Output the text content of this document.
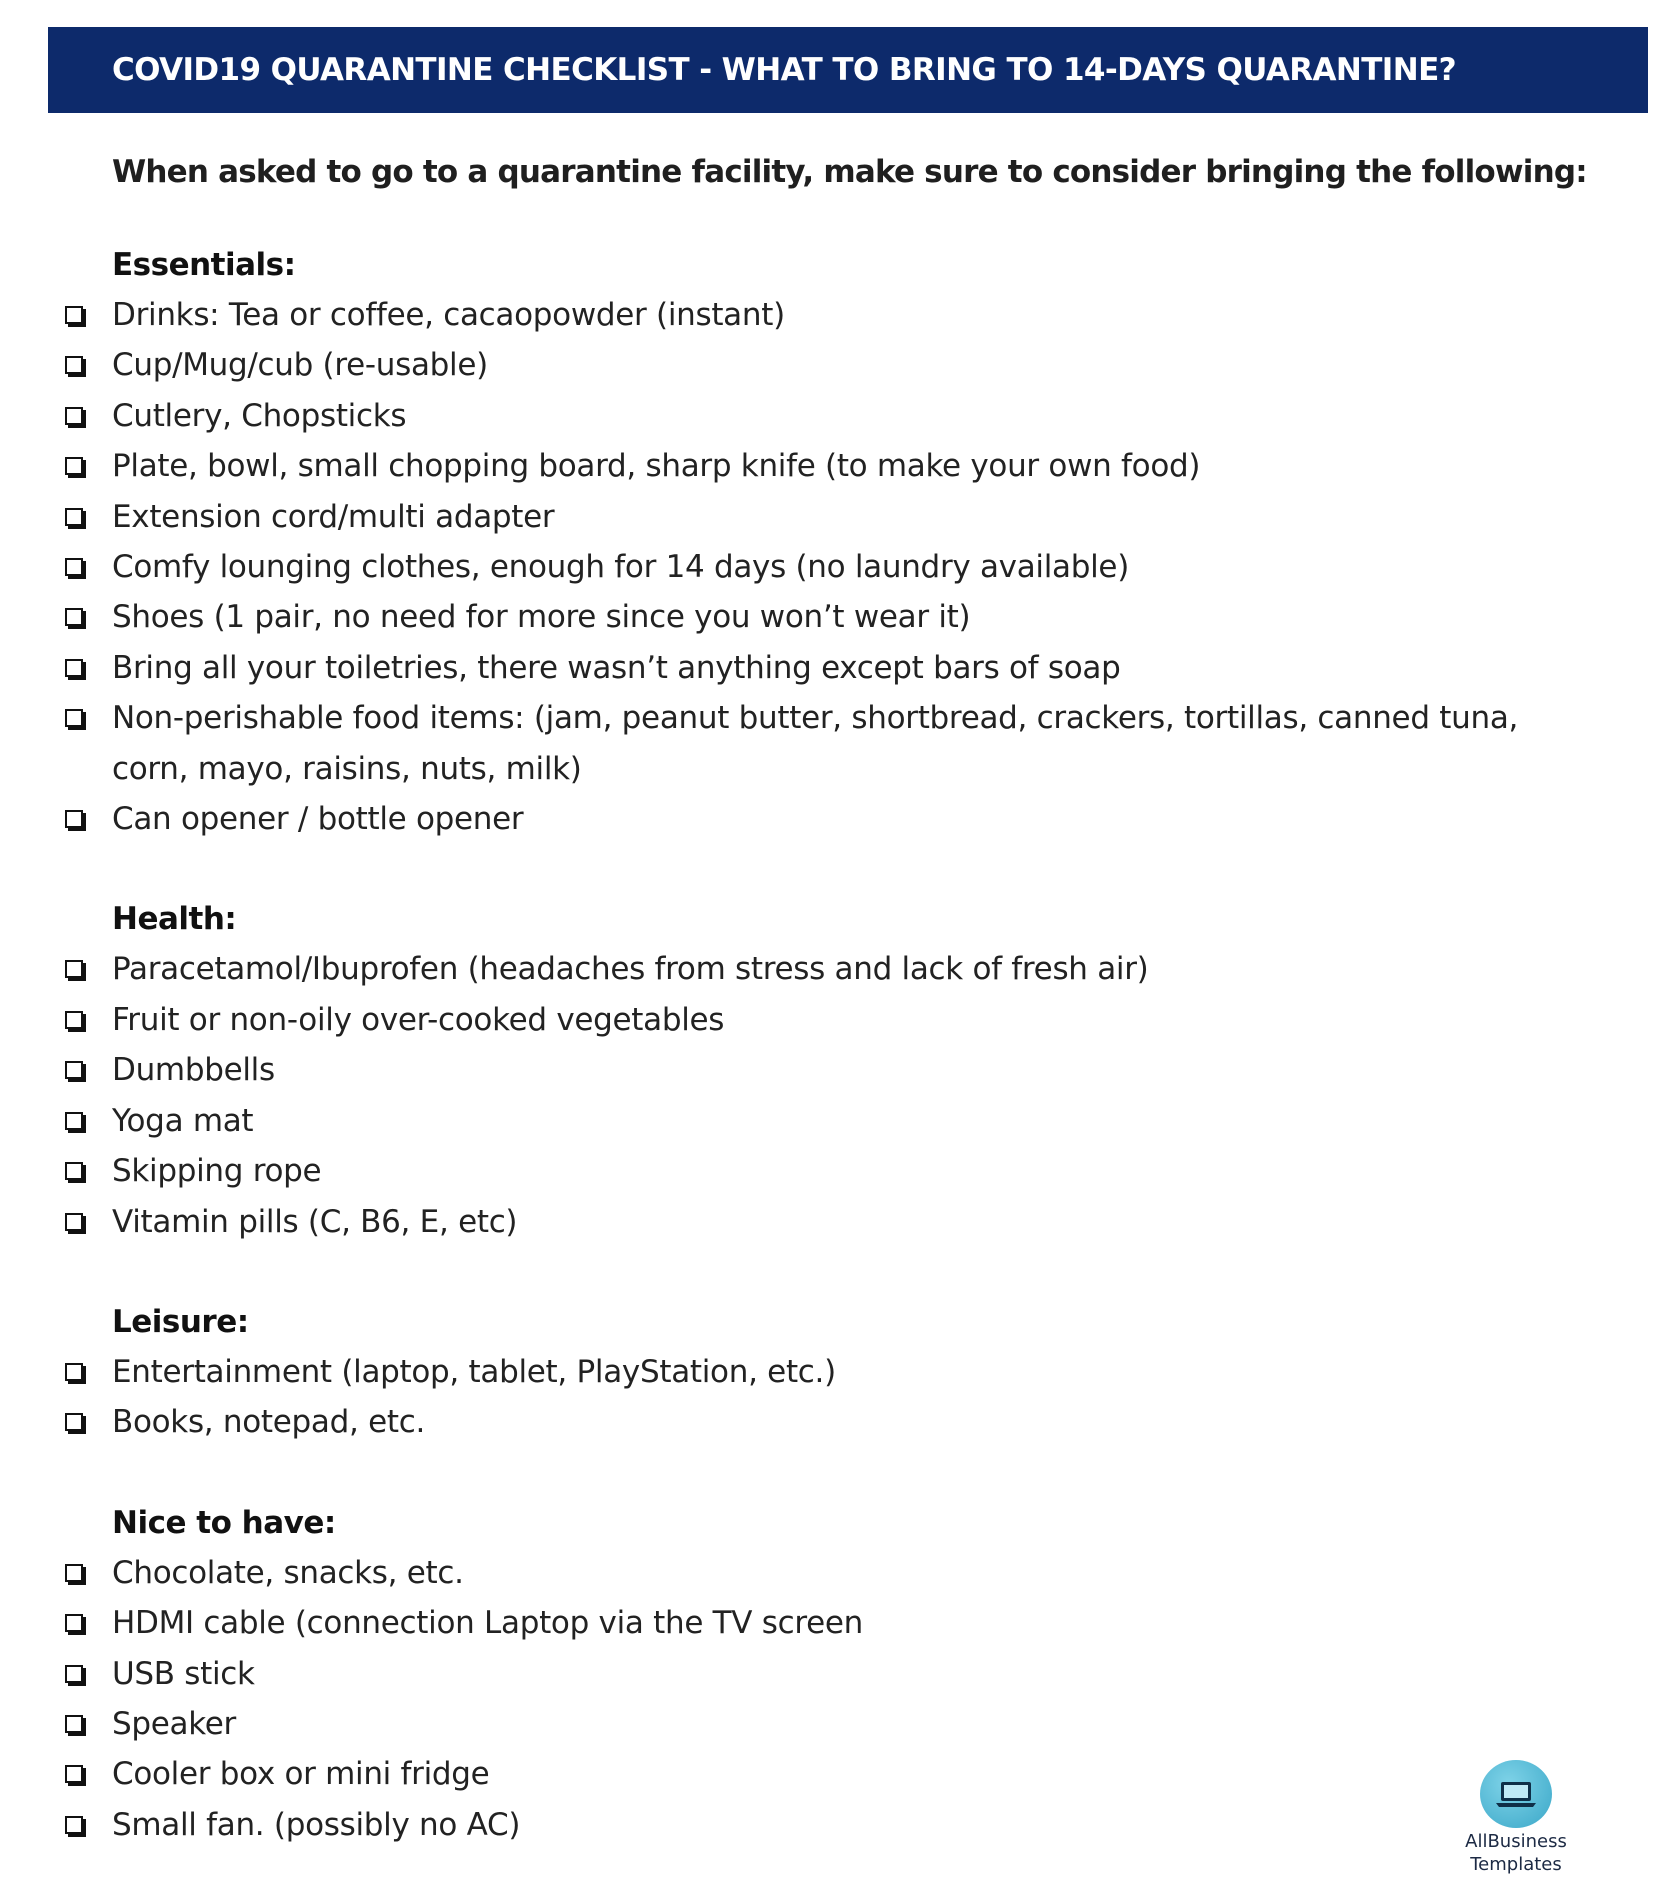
COVID19 QUARANTINE CHECKLIST - WHAT TO BRING TO 14-DAYS QUARANTINE?
When asked to go to a quarantine facility, make sure to consider bringing the following:
Essentials:
Drinks: Tea or coffee, cacaopowder (instant)
Cup/Mug/cub (re-usable)
Cutlery, Chopsticks
Plate, bowl, small chopping board, sharp knife (to make your own food)
Extension cord/multi adapter
Comfy lounging clothes, enough for 14 days (no laundry available)
Shoes (1 pair, no need for more since you won’t wear it)
Bring all your toiletries, there wasn’t anything except bars of soap
Non-perishable food items: (jam, peanut butter, shortbread, crackers, tortillas, canned tuna, corn, mayo, raisins, nuts, milk)
Can opener / bottle opener
Health:
Paracetamol/Ibuprofen (headaches from stress and lack of fresh air)
Fruit or non-oily over-cooked vegetables
Dumbbells
Yoga mat
Skipping rope
Vitamin pills (C, B6, E, etc)
Leisure:
Entertainment (laptop, tablet, PlayStation, etc.)
Books, notepad, etc.
Nice to have:
Chocolate, snacks, etc.
HDMI cable (connection Laptop via the TV screen
USB stick
Speaker
Cooler box or mini fridge
Small fan. (possibly no AC)	AllBusiness
Templates
